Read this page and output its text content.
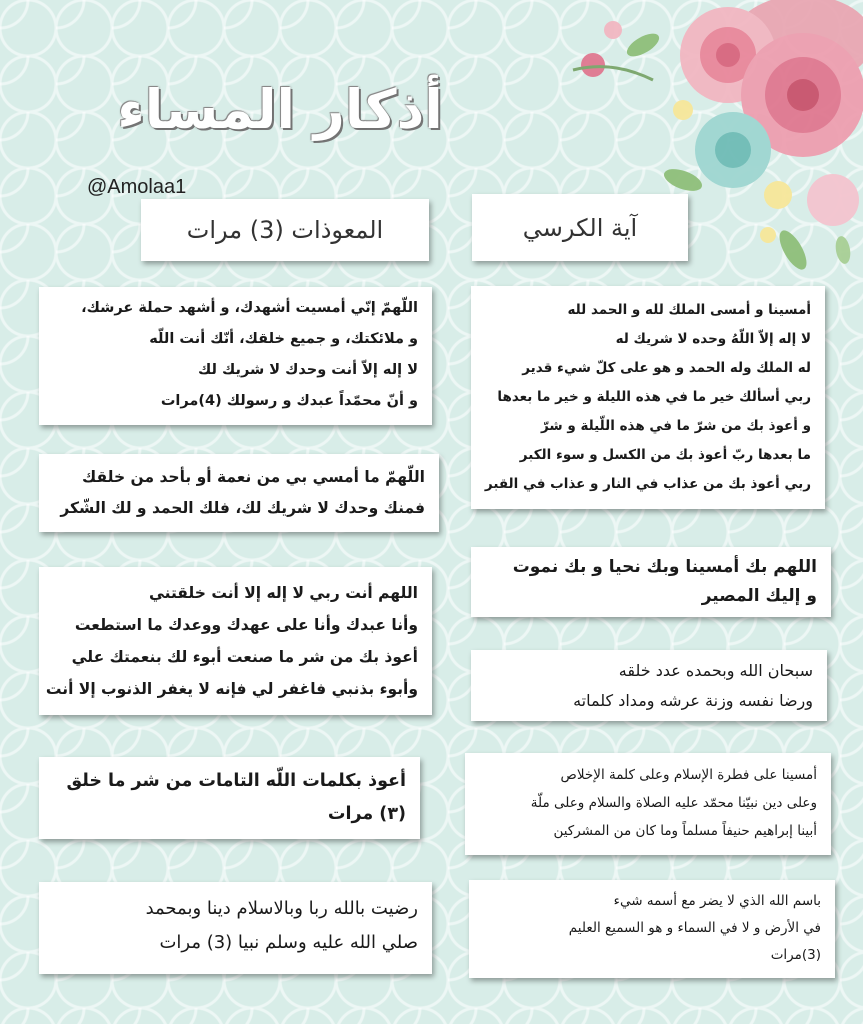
أذكار المساء
@Amolaa1
المعوذات (3) مرات	آية الكرسي
أمسينا و أمسى الملك لله و الحمد لله
لا إله إلاّ اللّهُ وحده لا شريك له
له الملك وله الحمد و هو على كلّ شيء قدير
ربي أسألك خير ما في هذه الليلة و خير ما بعدها
و أعوذ بك من شرّ ما في هذه اللّيلة و شرّ
ما بعدها ربّ أعوذ بك من الكسل و سوء الكبر
ربي أعوذ بك من عذاب في النار و عذاب في القبر
اللهم بك أمسينا وبك نحيا و بك نموت
و إليك المصير
سبحان الله وبحمده عدد خلقه
ورضا نفسه وزنة عرشه ومداد كلماته
أمسينا على فطرة الإسلام وعلى كلمة الإخلاص
وعلى دين نبيّنا محمّد عليه الصلاة والسلام وعلى ملّة
أبينا إبراهيم حنيفاً مسلماً وما كان من المشركين
باسم الله الذي لا يضر مع أسمه شيء
في الأرض و لا في السماء و هو السميع العليم
(3)مرات
اللّهمّ إنّي أمسيت أشهدك، و أشهد حملة عرشك،
و ملائكتك، و جميع خلقك، أنّك أنت اللّه
لا إله إلاّ أنت وحدك لا شريك لك
و أنّ محمّداً عبدك و رسولك (4)مرات
اللّهمّ ما أمسي بي من نعمة أو بأحد من خلقك
فمنك وحدك لا شريك لك، فلك الحمد و لك الشّكر
اللهم أنت ربي لا إله إلا أنت خلقتني
وأنا عبدك وأنا على عهدك ووعدك ما استطعت
أعوذ بك من شر ما صنعت أبوء لك بنعمتك علي
وأبوء بذنبي فاغفر لي فإنه لا يغفر الذنوب إلا أنت
أعوذ بكلمات اللّه التامات من شر ما خلق
(٣) مرات
رضيت بالله ربا وبالاسلام دينا وبمحمد
صلي الله عليه وسلم نبيا (3) مرات
